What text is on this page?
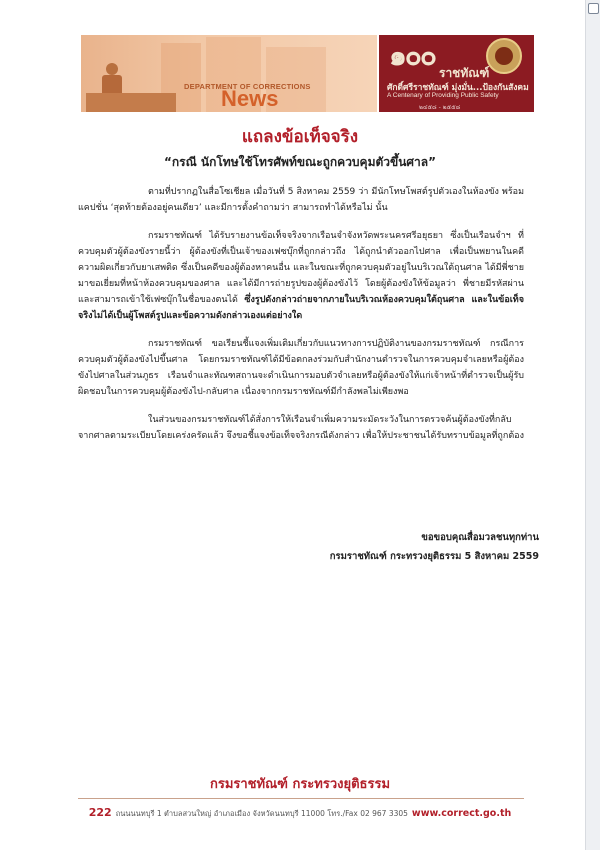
DEPARTMENT OF CORRECTIONS
News
๑๐๐
ราชทัณฑ์
ศักดิ์ศรีราชทัณฑ์ มุ่งมั่น...ป้องกันสังคม
A Centenary of Providing Public Safety
๒๔๕๘ - ๒๕๕๘
แถลงข้อเท็จจริง
“กรณี นักโทษใช้โทรศัพท์ขณะถูกควบคุมตัวขึ้นศาล”

ตามที่ปรากฏในสื่อโซเชียล เมื่อวันที่ 5 สิงหาคม 2559 ว่า มีนักโทษโพสต์รูปตัวเองในห้องขัง พร้อมแคปชั่น ‘สุดท้ายต้องอยู่คนเดียว’ และมีการตั้งคำถามว่า สามารถทำได้หรือไม่ นั้น

กรมราชทัณฑ์ ได้รับรายงานข้อเท็จจริงจากเรือนจำจังหวัดพระนครศรีอยุธยา ซึ่งเป็นเรือนจำฯ ที่ควบคุมตัวผู้ต้องขังรายนี้ว่า ผู้ต้องขังที่เป็นเจ้าของเฟซบุ๊กที่ถูกกล่าวถึง ได้ถูกนำตัวออกไปศาล เพื่อเป็นพยานในคดีความผิดเกี่ยวกับยาเสพติด ซึ่งเป็นคดีของผู้ต้องหาคนอื่น และในขณะที่ถูกควบคุมตัวอยู่ในบริเวณใต้ถุนศาล ได้มีพี่ชายมาขอเยี่ยมที่หน้าห้องควบคุมของศาล และได้มีการถ่ายรูปของผู้ต้องขังไว้ โดยผู้ต้องขังให้ข้อมูลว่า พี่ชายมีรหัสผ่านและสามารถเข้าใช้เฟซบุ๊กในชื่อของตนได้ ซึ่งรูปดังกล่าวถ่ายจากภายในบริเวณห้องควบคุมใต้ถุนศาล และในข้อเท็จจริงไม่ได้เป็นผู้โพสต์รูปและข้อความดังกล่าวเองแต่อย่างใด

กรมราชทัณฑ์ ขอเรียนชี้แจงเพิ่มเติมเกี่ยวกับแนวทางการปฏิบัติงานของกรมราชทัณฑ์ กรณีการควบคุมตัวผู้ต้องขังไปขึ้นศาล โดยกรมราชทัณฑ์ได้มีข้อตกลงร่วมกับสำนักงานตำรวจในการควบคุมจำเลยหรือผู้ต้องขังไปศาลในส่วนภูธร เรือนจำและทัณฑสถานจะดำเนินการมอบตัวจำเลยหรือผู้ต้องขังให้แก่เจ้าหน้าที่ตำรวจเป็นผู้รับผิดชอบในการควบคุมผู้ต้องขังไป-กลับศาล เนื่องจากกรมราชทัณฑ์มีกำลังพลไม่เพียงพอ

ในส่วนของกรมราชทัณฑ์ได้สั่งการให้เรือนจำเพิ่มความระมัดระวังในการตรวจค้นผู้ต้องขังที่กลับจากศาลตามระเบียบโดยเคร่งครัดแล้ว จึงขอชี้แจงข้อเท็จจริงกรณีดังกล่าว เพื่อให้ประชาชนได้รับทราบข้อมูลที่ถูกต้อง

ขอขอบคุณสื่อมวลชนทุกท่าน
กรมราชทัณฑ์ กระทรวงยุติธรรม 5 สิงหาคม 2559
กรมราชทัณฑ์ กระทรวงยุติธรรม
222 ถนนนนทบุรี 1 ตำบลสวนใหญ่ อำเภอเมือง จังหวัดนนทบุรี 11000 โทร./Fax 02 967 3305 www.correct.go.th
